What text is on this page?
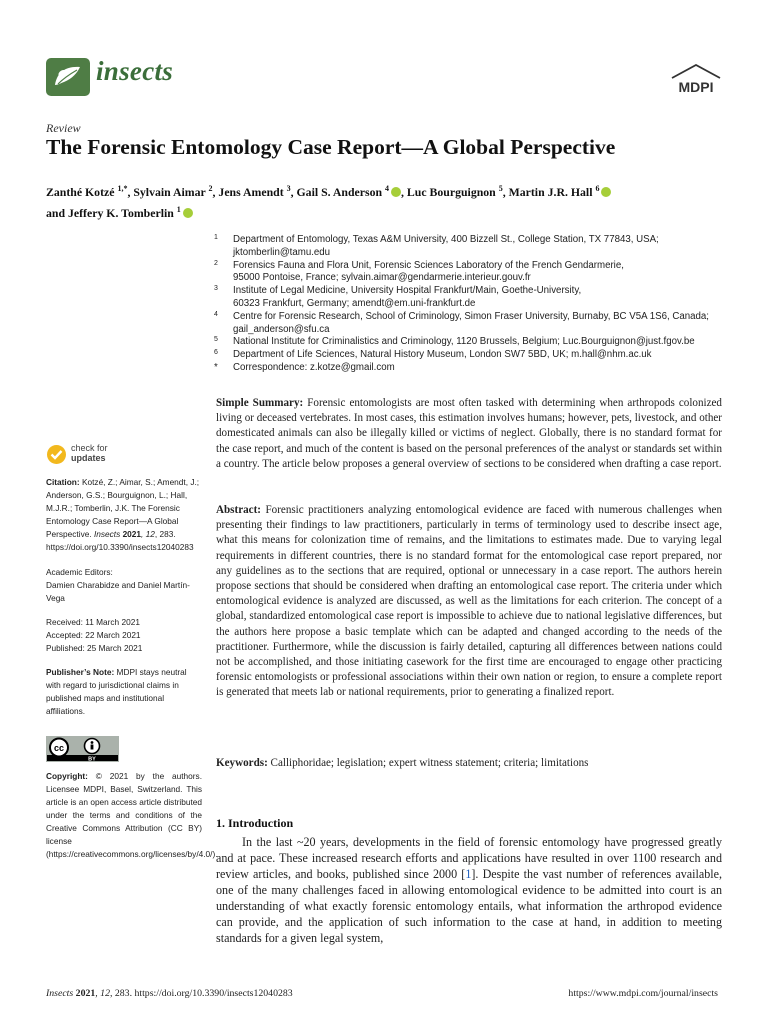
insects
MDPI
Review
The Forensic Entomology Case Report—A Global Perspective
Zanthé Kotzé $^{1,*}$, Sylvain Aimar $^2$, Jens Amendt $^3$, Gail S. Anderson $^4$ , Luc Bourguignon $^5$, Martin J.R. Hall $^6$
and Jeffery K. Tomberlin $^1$
1 Department of Entomology, Texas A&M University, 400 Bizzell St., College Station, TX 77843, USA;
jktomberlin@tamu.edu
2 Forensics Fauna and Flora Unit, Forensic Sciences Laboratory of the French Gendarmerie,
95000 Pontoise, France; sylvain.aimar@gendarmerie.interieur.gouv.fr
3 Institute of Legal Medicine, University Hospital Frankfurt/Main, Goethe-University,
60323 Frankfurt, Germany; amendt@em.uni-frankfurt.de
4 Centre for Forensic Research, School of Criminology, Simon Fraser University, Burnaby, BC V5A 1S6, Canada;
gail_anderson@sfu.ca
5 National Institute for Criminalistics and Criminology, 1120 Brussels, Belgium; Luc.Bourguignon@just.fgov.be
6 Department of Life Sciences, Natural History Museum, London SW7 5BD, UK; m.hall@nhm.ac.uk
* Correspondence: z.kotze@gmail.com
check for
updates
Citation: Kotzé, Z.; Aimar, S.; Amendt, J.; Anderson, G.S.; Bourguignon, L.; Hall, M.J.R.; Tomberlin, J.K. The Forensic Entomology Case Report—A Global Perspective. Insects 2021, 12, 283. https://doi.org/10.3390/insects12040283
Academic Editors:
Damien Charabidze and Daniel Martín-Vega
Received: 11 March 2021
Accepted: 22 March 2021
Published: 25 March 2021
Publisher’s Note: MDPI stays neutral with regard to jurisdictional claims in published maps and institutional affiliations.
cc
BY
Copyright: © 2021 by the authors. Licensee MDPI, Basel, Switzerland. This article is an open access article distributed under the terms and conditions of the Creative Commons Attribution (CC BY) license (https://creativecommons.org/licenses/by/4.0/).
Simple Summary: Forensic entomologists are most often tasked with determining when arthropods colonized living or deceased vertebrates. In most cases, this estimation involves humans; however, pets, livestock, and other domesticated animals can also be illegally killed or victims of neglect. Globally, there is no standard format for the case report, and much of the content is based on the personal preferences of the analyst or standards set within a country. The article below proposes a general overview of sections to be considered when drafting a case report.
Abstract: Forensic practitioners analyzing entomological evidence are faced with numerous challenges when presenting their findings to law practitioners, particularly in terms of terminology used to describe insect age, what this means for colonization time of remains, and the limitations to estimates made. Due to varying legal requirements in different countries, there is no standard format for the entomological case report prepared, nor any guidelines as to the sections that are required, optional or unnecessary in a case report. The authors herein propose sections that should be considered when drafting an entomological case report. The criteria under which entomological evidence is analyzed are discussed, as well as the limitations for each criterion. The concept of a global, standardized entomological case report is impossible to achieve due to national legislative differences, but the authors here propose a basic template which can be adapted and changed according to the needs of the practitioner. Furthermore, while the discussion is fairly detailed, capturing all differences between nations could not be accomplished, and those initiating casework for the first time are encouraged to engage other practicing forensic entomologists or professional associations within their own nation or region, to ensure a complete report is generated that meets lab or national requirements, prior to generating a finalized report.
Keywords: Calliphoridae; legislation; expert witness statement; criteria; limitations
1. Introduction
In the last ~20 years, developments in the field of forensic entomology have progressed greatly and at pace. These increased research efforts and applications have resulted in over 1100 research and review articles, and books, published since 2000 [1]. Despite the vast number of references available, one of the many challenges faced in allowing entomological evidence to be admitted into court is an understanding of what exactly forensic entomology entails, what information the arthropod evidence can provide, and the application of such information to the case at hand, in addition to meeting standards for a given legal system,
Insects 2021, 12, 283. https://doi.org/10.3390/insects12040283	https://www.mdpi.com/journal/insects
